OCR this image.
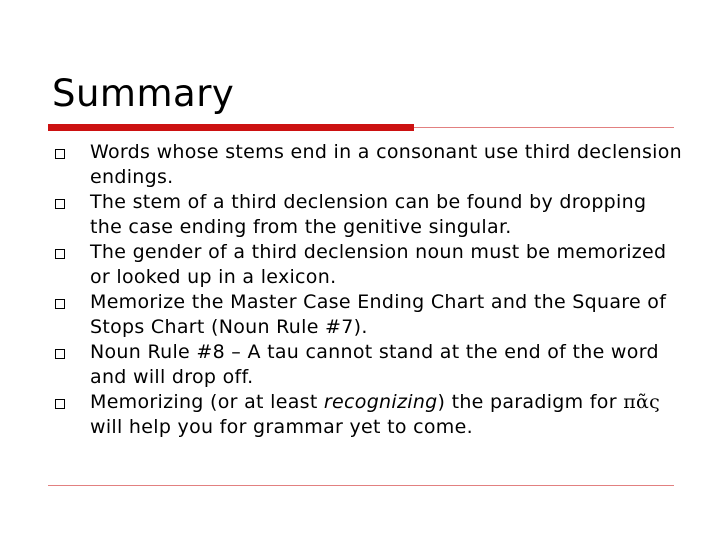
Summary
Words whose stems end in a consonant use third declension endings.
The stem of a third declension can be found by dropping the case ending from the genitive singular.
The gender of a third declension noun must be memorized or looked up in a lexicon.
Memorize the Master Case Ending Chart and the Square of Stops Chart (Noun Rule #7).
Noun Rule #8 – A tau cannot stand at the end of the word and will drop off.
Memorizing (or at least recognizing) the paradigm for πᾶς will help you for grammar yet to come.
